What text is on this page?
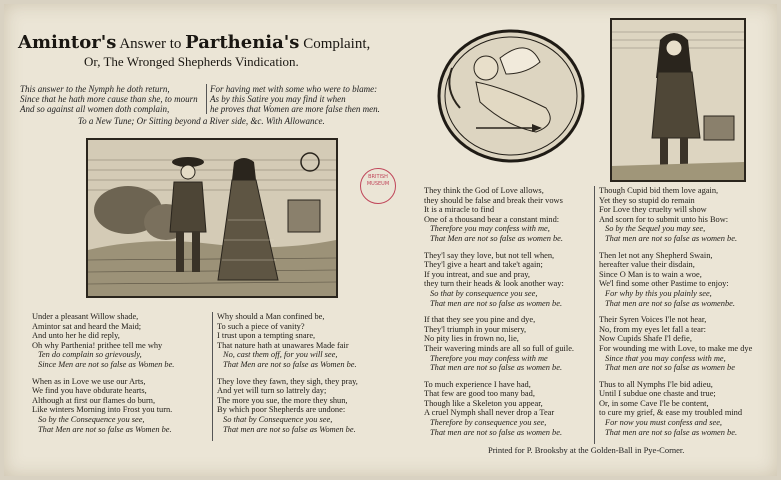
Amintor's Answer to Parthenia's Complaint,
Or, The Wronged Shepherds Vindication.
This answer to the Nymph he doth return,
Since that he hath more cause than she, to mourn
And so against all women doth complain,
For having met with some who were to blame:
As by this Satire you may find it when
he proves that Women are more false then men.
To a New Tune; Or Sitting beyond a River side, &c. With Allowance.
BRITISH MUSEUM

Under a pleasant Willow shade,
Amintor sat and heard the Maid;
And unto her he did reply,
Oh why Parthenia! prithee tell me why
Ten do complain so grievously,
Since Men are not so false as Women be.

When as in Love we use our Arts,
We find you have obdurate hearts,
Although at first our flames do burn,
Like winters Morning into Frost you turn.
So by the Consequence you see,
That Men are not so false as Women be.

Why should a Man confined be,
To such a piece of vanity?
I trust upon a tempting snare,
That nature hath at unawares Made fair
No, cast them off, for you will see,
That Men are not so false as Women be.

They love they fawn, they sigh, they pray,
And yet will turn so lattrely day;
The more you sue, the more they shun,
By which poor Shepherds are undone:
So that by Consequence you see,
That men are not so false as Women be.

They think the God of Love allows,
they should be false and break their vows
It is a miracle to find
One of a thousand bear a constant mind:
Therefore you may confess with me,
That Men are not so false as women be.

They'l say they love, but not tell when,
They'l give a heart and take't again;
If you intreat, and sue and pray,
they turn their heads & look another way:
So that by consequence you see,
That men are not so false as women be.

If that they see you pine and dye,
They'l triumph in your misery,
No pity lies in frown no, lie,
Their wavering minds are all so full of guile.
Therefore you may confess with me
That men are not so false as women be.

To much experience I have had,
That few are good too many bad,
Though like a Skeleton you appear,
A cruel Nymph shall never drop a Tear
Therefore by consequence you see,
That men are not so false as women be.

Though Cupid bid them love again,
Yet they so stupid do remain
For Love they cruelty will show
And scorn for to submit unto his Bow:
So by the Sequel you may see,
That men are not so false as women be.

Then let not any Shepherd Swain,
hereafter value their disdain,
Since O Man is to wain a woe,
We'l find some other Pastime to enjoy:
For why by this you plainly see,
That men are not so false as womenbe.

Their Syren Voices I'le not hear,
No, from my eyes let fall a tear:
Now Cupids Shafe I'l defie,
For wounding me with Love, to make me dye
Since that you may confess with me,
That men are not so false as women be

Thus to all Nymphs I'le bid adieu,
Until I subdue one chaste and true;
Or, in some Cave I'le be content,
to cure my grief, & ease my troubled mind
For now you must confess and see,
That men are not so false as women be.

Printed for P. Brooksby at the Golden-Ball in Pye-Corner.
